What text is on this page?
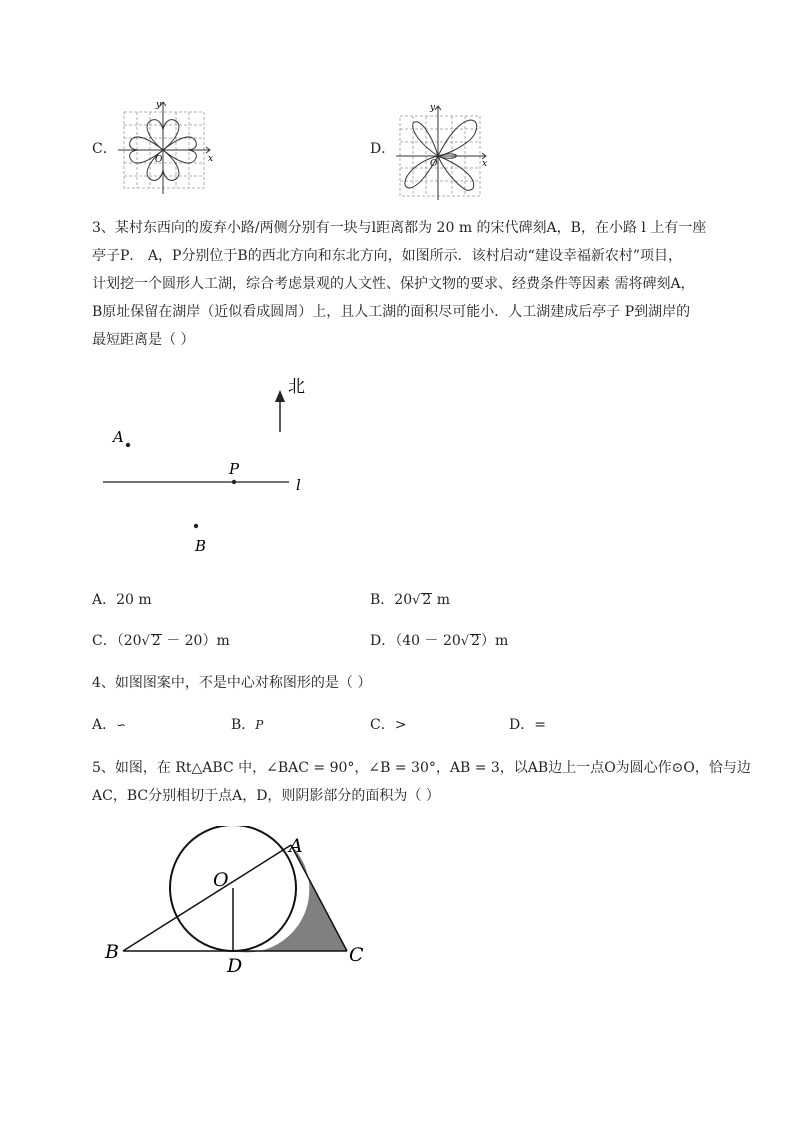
C．
y
x
O
D．
y
x
O

3、某村东西向的废弃小路/两侧分别有一块与l距离都为 20 m 的宋代碑刻A，B，在小路 l 上有一座

亭子P． A，P分别位于B的西北方向和东北方向，如图所示．该村启动“建设幸福新农村”项目，

计划挖一个圆形人工湖，综合考虑景观的人文性、保护文物的要求、经费条件等因素 需将碑刻A，

B原址保留在湖岸（近似看成圆周）上，且人工湖的面积尽可能小．人工湖建成后亭子 P到湖岸的

最短距离是（ ）

北
A
P
B
l
A．20 m	B．20√ 2 m
C．（20√ 2 － 20）m	D．（40 － 20√ 2）m
4、如图图案中，不是中心对称图形的是（ ）
A．∽	B．P	C．>	D．=

5、如图，在 Rt△ABC 中，∠BAC = 90°，∠B = 30°，AB = 3，以AB边上一点O为圆心作⊙O，恰与边

AC，BC分别相切于点A，D，则阴影部分的面积为（ ）

O
A
B	C
D
